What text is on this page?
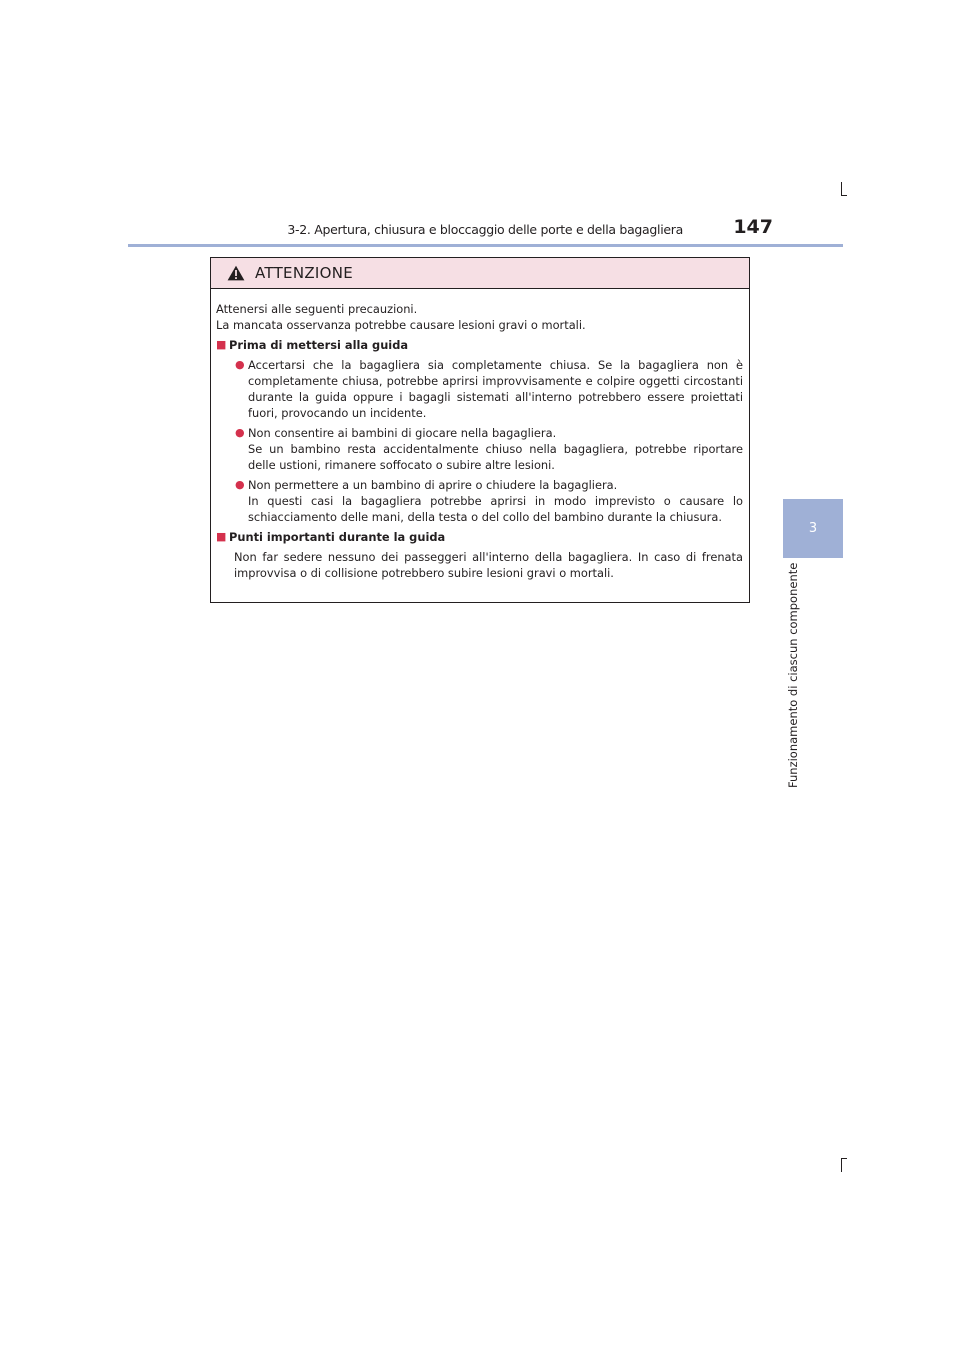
3-2. Apertura, chiusura e bloccaggio delle porte e della bagagliera	147
3
Funzionamento di ciascun componente
ATTENZIONE

Attenersi alle seguenti precauzioni.

La mancata osservanza potrebbe causare lesioni gravi o mortali.

■ Prima di mettersi alla guida
● Accertarsi che la bagagliera sia completamente chiusa. Se la bagagliera non è completamente chiusa, potrebbe aprirsi improvvisamente e colpire oggetti circostanti durante la guida oppure i bagagli sistemati all'interno potrebbero essere proiettati fuori, provocando un incidente.
● Non consentire ai bambini di giocare nella bagagliera.
Se un bambino resta accidentalmente chiuso nella bagagliera, potrebbe riportare delle ustioni, rimanere soffocato o subire altre lesioni.
● Non permettere a un bambino di aprire o chiudere la bagagliera.
In questi casi la bagagliera potrebbe aprirsi in modo imprevisto o causare lo schiacciamento delle mani, della testa o del collo del bambino durante la chiusura.
■ Punti importanti durante la guida

Non far sedere nessuno dei passeggeri all'interno della bagagliera. In caso di frenata improvvisa o di collisione potrebbero subire lesioni gravi o mortali.
